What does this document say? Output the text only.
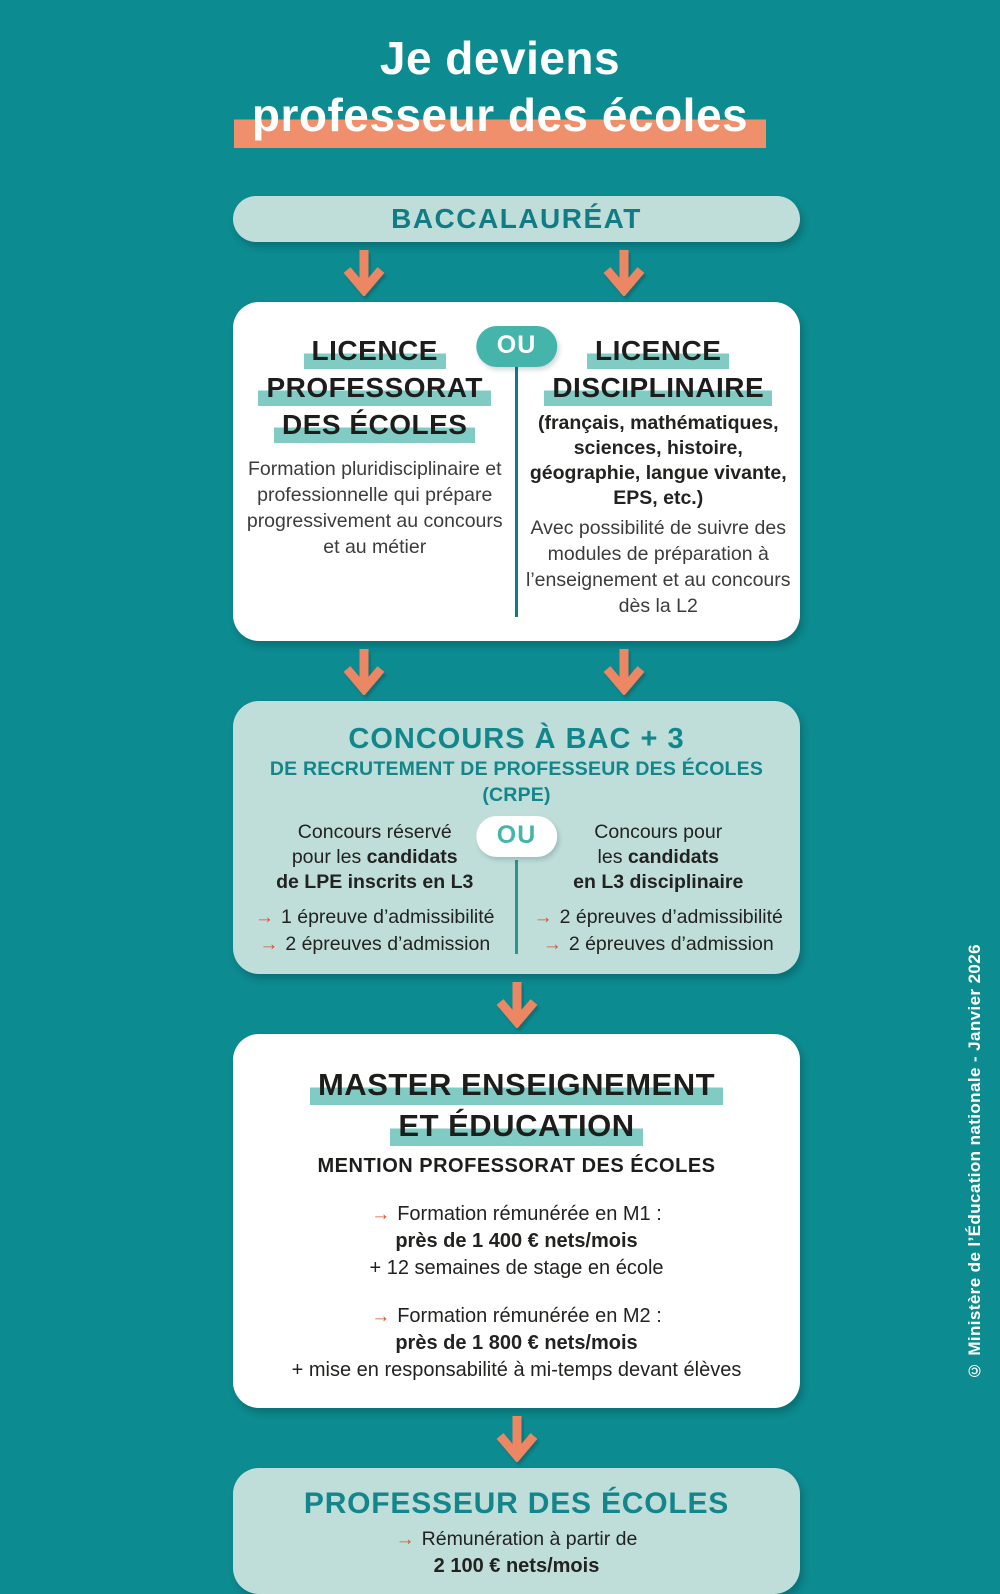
Je deviens
professeur des écoles
BACCALAURÉAT
OU
LICENCE
PROFESSORAT
DES ÉCOLES

Formation pluridisciplinaire et professionnelle qui prépare progressivement au concours et au métier

LICENCE
DISCIPLINAIRE

(français, mathématiques, sciences, histoire, géographie, langue vivante, EPS, etc.)

Avec possibilité de suivre des modules de préparation à l’enseignement et au concours dès la L2

CONCOURS À BAC + 3
DE RECRUTEMENT DE PROFESSEUR DES ÉCOLES (CRPE)
OU
Concours réservé
pour les candidats
de LPE inscrits en L3
→ 1 épreuve d’admissibilité
→ 2 épreuves d’admission
Concours pour
les candidats
en L3 disciplinaire
→ 2 épreuves d’admissibilité
→ 2 épreuves d’admission
MASTER ENSEIGNEMENT
ET ÉDUCATION
MENTION PROFESSORAT DES ÉCOLES
→ Formation rémunérée en M1 :
près de 1 400 € nets/mois
+ 12 semaines de stage en école
→ Formation rémunérée en M2 :
près de 1 800 € nets/mois
+ mise en responsabilité à mi-temps devant élèves
PROFESSEUR DES ÉCOLES
→ Rémunération à partir de
2 100 € nets/mois
© Ministère de l’Éducation nationale - Janvier 2026
